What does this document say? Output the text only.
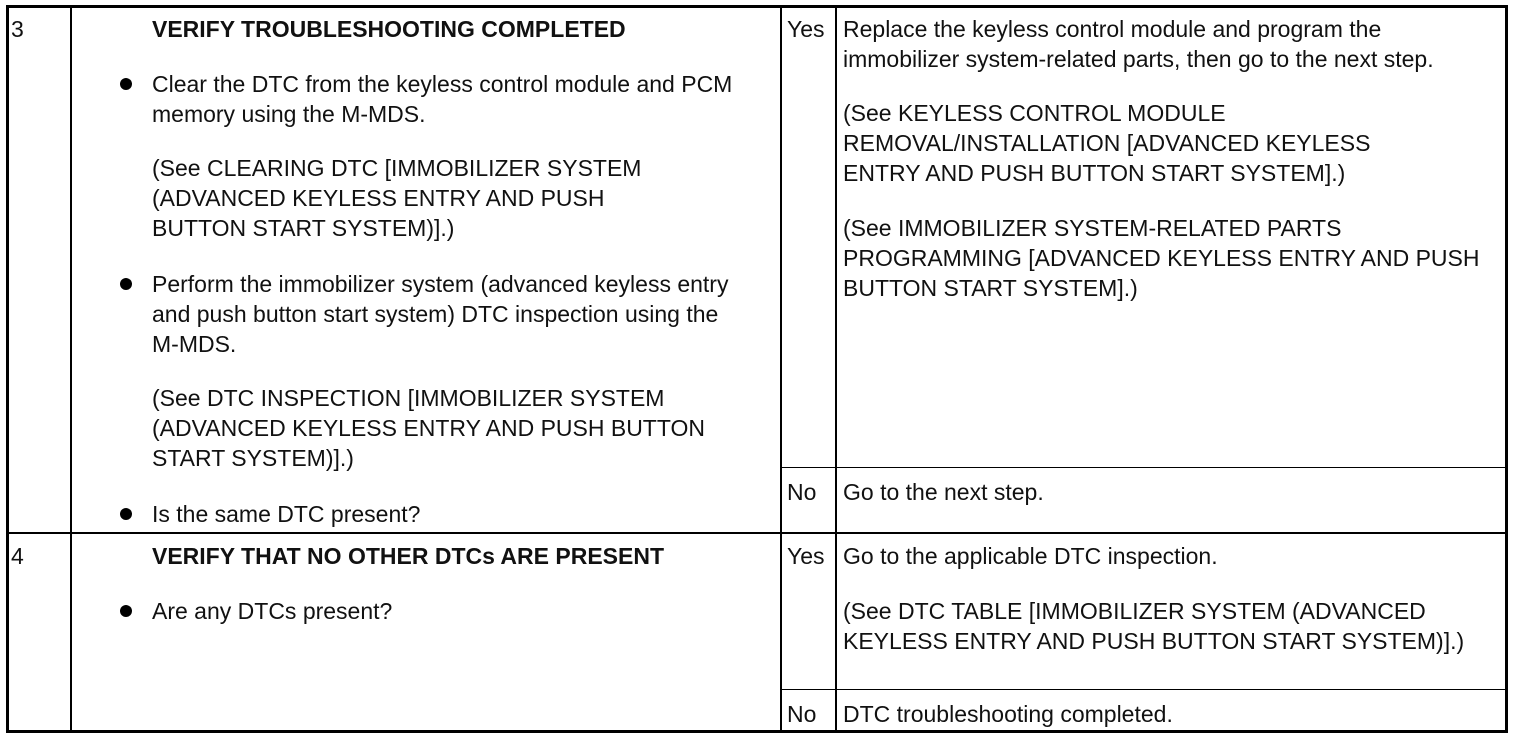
3	VERIFY TROUBLESHOOTING COMPLETED
Clear the DTC from the keyless control module and PCM memory using the M-MDS.
(See CLEARING DTC [IMMOBILIZER SYSTEM (ADVANCED KEYLESS ENTRY AND PUSH BUTTON START SYSTEM)].)
Perform the immobilizer system (advanced keyless entry and push button start system) DTC inspection using the M-MDS.
(See DTC INSPECTION [IMMOBILIZER SYSTEM (ADVANCED KEYLESS ENTRY AND PUSH BUTTON START SYSTEM)].)
Is the same DTC present?
Yes Replace the keyless control module and program the immobilizer system-related parts, then go to the next step.
(See KEYLESS CONTROL MODULE REMOVAL/INSTALLATION [ADVANCED KEYLESS ENTRY AND PUSH BUTTON START SYSTEM].)
(See IMMOBILIZER SYSTEM-RELATED PARTS PROGRAMMING [ADVANCED KEYLESS ENTRY AND PUSH BUTTON START SYSTEM].)
No Go to the next step.
4	VERIFY THAT NO OTHER DTCs ARE PRESENT
Are any DTCs present?
Yes Go to the applicable DTC inspection.
(See DTC TABLE [IMMOBILIZER SYSTEM (ADVANCED KEYLESS ENTRY AND PUSH BUTTON START SYSTEM)].)
No DTC troubleshooting completed.
